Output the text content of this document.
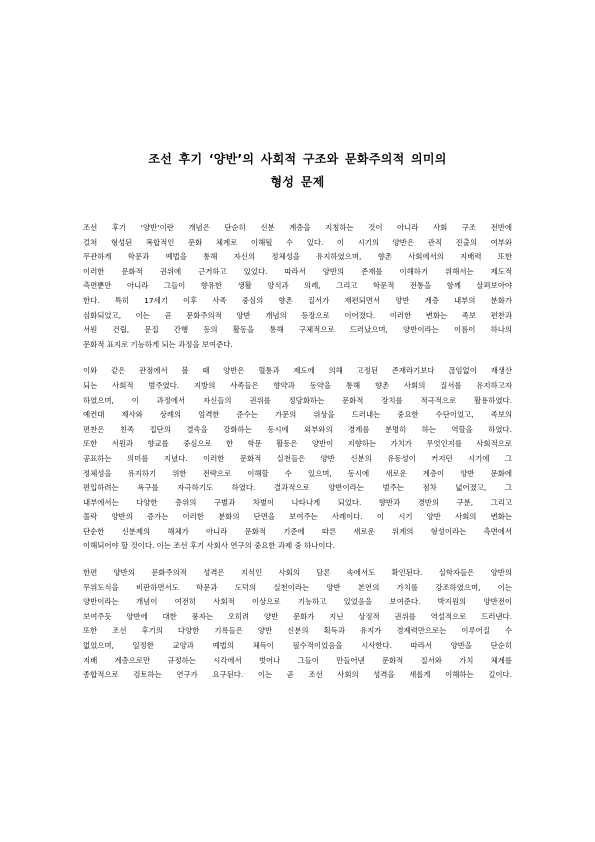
조선 후기 ‘양반’의 사회적 구조와 문화주의적 의미의
형성 문제
조선 후기 ‘양반’이란 개념은 단순히 신분 계층을 지칭하는 것이 아니라 사회 구조 전반에
걸쳐 형성된 복합적인 문화 체계로 이해될 수 있다. 이 시기의 양반은 관직 진출의 여부와
무관하게 학문과 예법을 통해 자신의 정체성을 유지하였으며, 향촌 사회에서의 지배력 또한
이러한 문화적 권위에 근거하고 있었다. 따라서 양반의 존재를 이해하기 위해서는 제도적
측면뿐만 아니라 그들이 향유한 생활 양식과 의례, 그리고 학문적 전통을 함께 살펴보아야
한다. 특히 17세기 이후 사족 중심의 향촌 질서가 재편되면서 양반 계층 내부의 분화가
심화되었고, 이는 곧 문화주의적 양반 개념의 등장으로 이어졌다. 이러한 변화는 족보 편찬과
서원 건립, 문집 간행 등의 활동을 통해 구체적으로 드러났으며, 양반이라는 이름이 하나의
문화적 표지로 기능하게 되는 과정을 보여준다.
이와 같은 관점에서 볼 때 양반은 혈통과 제도에 의해 고정된 존재라기보다 끊임없이 재생산
되는 사회적 범주였다. 지방의 사족들은 향약과 동약을 통해 향촌 사회의 질서를 유지하고자
하였으며, 이 과정에서 자신들의 권위를 정당화하는 문화적 장치를 적극적으로 활용하였다.
예컨대 제사와 상례의 엄격한 준수는 가문의 위상을 드러내는 중요한 수단이었고, 족보의
편찬은 친족 집단의 결속을 강화하는 동시에 외부와의 경계를 분명히 하는 역할을 하였다.
또한 서원과 향교를 중심으로 한 학문 활동은 양반이 지향하는 가치가 무엇인지를 사회적으로
공표하는 의미를 지녔다. 이러한 문화적 실천들은 양반 신분의 유동성이 커지던 시기에 그
정체성을 유지하기 위한 전략으로 이해할 수 있으며, 동시에 새로운 계층이 양반 문화에
편입하려는 욕구를 자극하기도 하였다. 결과적으로 양반이라는 범주는 점차 넓어졌고, 그
내부에서는 다양한 층위의 구별과 차별이 나타나게 되었다. 향반과 경반의 구분, 그리고
몰락 양반의 증가는 이러한 분화의 단면을 보여주는 사례이다. 이 시기 양반 사회의 변화는
단순한 신분제의 해체가 아니라 문화적 기준에 따른 새로운 위계의 형성이라는 측면에서
이해되어야 할 것이다. 이는 조선 후기 사회사 연구의 중요한 과제 중 하나이다.
한편 양반의 문화주의적 성격은 지식인 사회의 담론 속에서도 확인된다. 실학자들은 양반의
무위도식을 비판하면서도 학문과 도덕의 실천이라는 양반 본연의 가치를 강조하였으며, 이는
양반이라는 개념이 여전히 사회적 이상으로 기능하고 있었음을 보여준다. 박지원의 양반전이
보여주듯 양반에 대한 풍자는 오히려 양반 문화가 지닌 상징적 권위를 역설적으로 드러낸다.
또한 조선 후기의 다양한 기록들은 양반 신분의 획득과 유지가 경제력만으로는 이루어질 수
없었으며, 일정한 교양과 예법의 체득이 필수적이었음을 시사한다. 따라서 양반을 단순히
지배 계층으로만 규정하는 시각에서 벗어나 그들이 만들어낸 문화적 질서와 가치 체계를
종합적으로 검토하는 연구가 요구된다. 이는 곧 조선 사회의 성격을 새롭게 이해하는 길이다.
